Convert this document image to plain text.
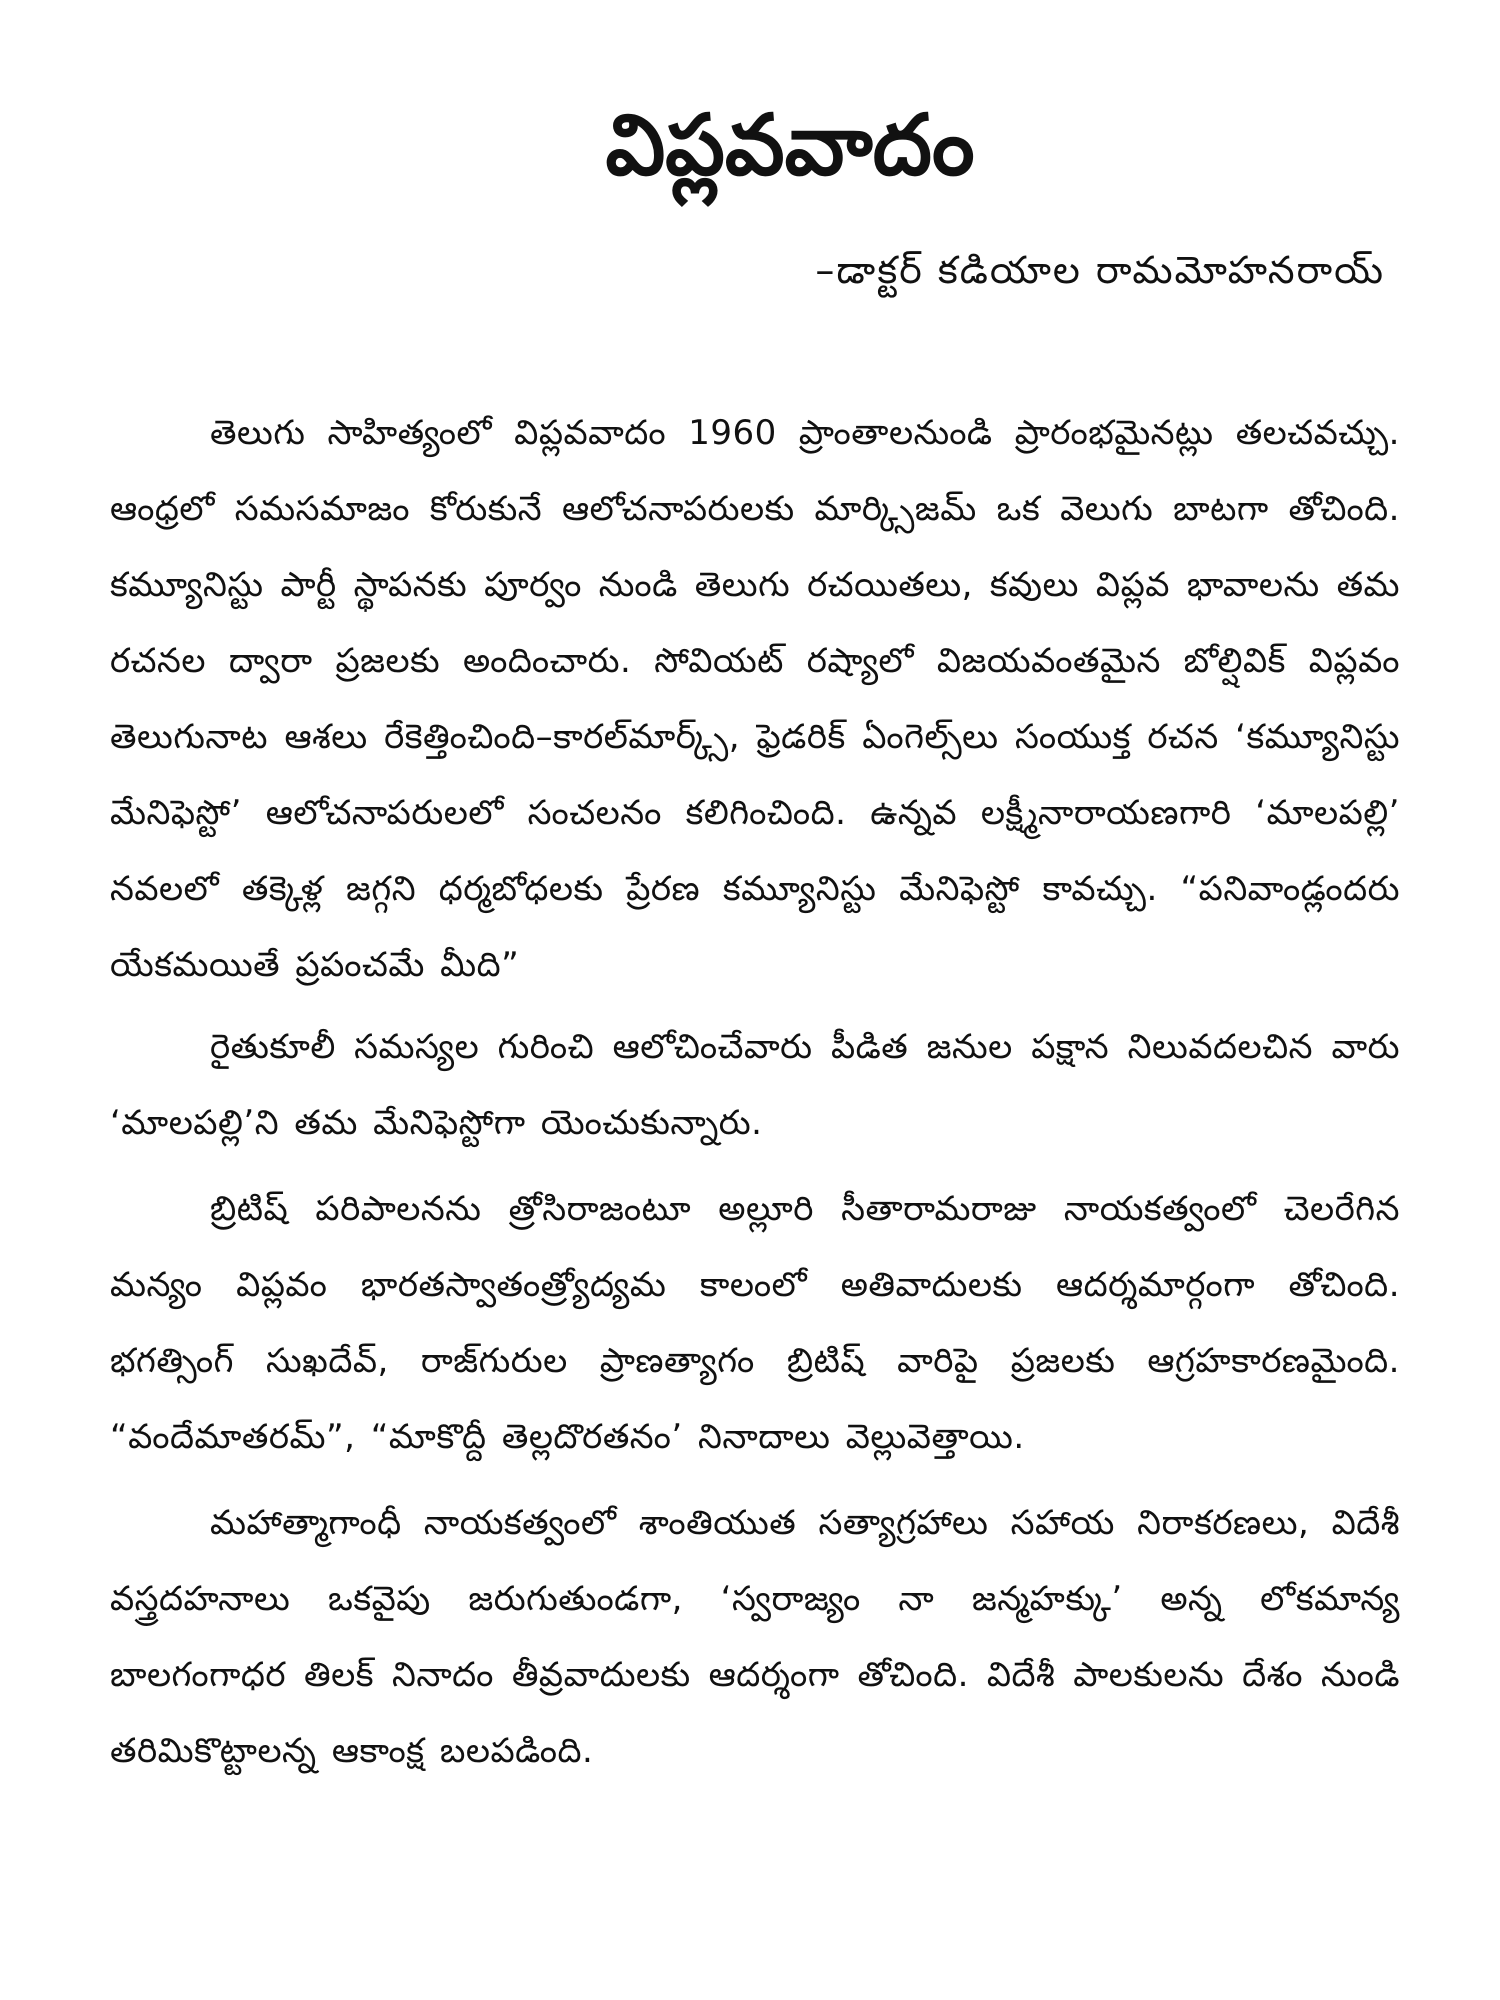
విప్లవవాదం
–డాక్టర్ కడియాల రామమోహనరాయ్

తెలుగు సాహిత్యంలో విప్లవవాదం 1960 ప్రాంతాలనుండి ప్రారంభమైనట్లు తలచవచ్చు. ఆంధ్రలో సమసమాజం కోరుకునే ఆలోచనాపరులకు మార్క్సిజమ్ ఒక వెలుగు బాటగా తోచింది. కమ్యూనిస్టు పార్టీ స్థాపనకు పూర్వం నుండి తెలుగు రచయితలు, కవులు విప్లవ భావాలను తమ రచనల ద్వారా ప్రజలకు అందించారు. సోవియట్ రష్యాలో విజయవంతమైన బోల్షివిక్ విప్లవం తెలుగునాట ఆశలు రేకెత్తించింది–కారల్‌మార్క్స్, ఫ్రెడరిక్ ఏంగెల్స్‌లు సంయుక్త రచన ‘కమ్యూనిస్టు మేనిఫెస్టో’ ఆలోచనాపరులలో సంచలనం కలిగించింది. ఉన్నవ లక్ష్మీనారాయణగారి ‘మాలపల్లి’ నవలలో తక్కెళ్ల జగ్గని ధర్మబోధలకు ప్రేరణ కమ్యూనిస్టు మేనిఫెస్టో కావచ్చు. “పనివాండ్లందరు యేకమయితే ప్రపంచమే మీది”

రైతుకూలీ సమస్యల గురించి ఆలోచించేవారు పీడిత జనుల పక్షాన నిలువదలచిన వారు ‘మాలపల్లి’ని తమ మేనిఫెస్టోగా యెంచుకున్నారు.

బ్రిటిష్ పరిపాలనను త్రోసిరాజంటూ అల్లూరి సీతారామరాజు నాయకత్వంలో చెలరేగిన మన్యం విప్లవం భారతస్వాతంత్ర్యోద్యమ కాలంలో అతివాదులకు ఆదర్శమార్గంగా తోచింది. భగత్సింగ్ సుఖదేవ్, రాజ్‌గురుల ప్రాణత్యాగం బ్రిటిష్ వారిపై ప్రజలకు ఆగ్రహకారణమైంది. “వందేమాతరమ్”, “మాకొద్దీ తెల్లదొరతనం’ నినాదాలు వెల్లువెత్తాయి.

మహాత్మాగాంధీ నాయకత్వంలో శాంతియుత సత్యాగ్రహాలు సహాయ నిరాకరణలు, విదేశీ వస్త్రదహనాలు ఒకవైపు జరుగుతుండగా, ‘స్వరాజ్యం నా జన్మహక్కు’ అన్న లోకమాన్య బాలగంగాధర తిలక్ నినాదం తీవ్రవాదులకు ఆదర్శంగా తోచింది. విదేశీ పాలకులను దేశం నుండి తరిమికొట్టాలన్న ఆకాంక్ష బలపడింది.
